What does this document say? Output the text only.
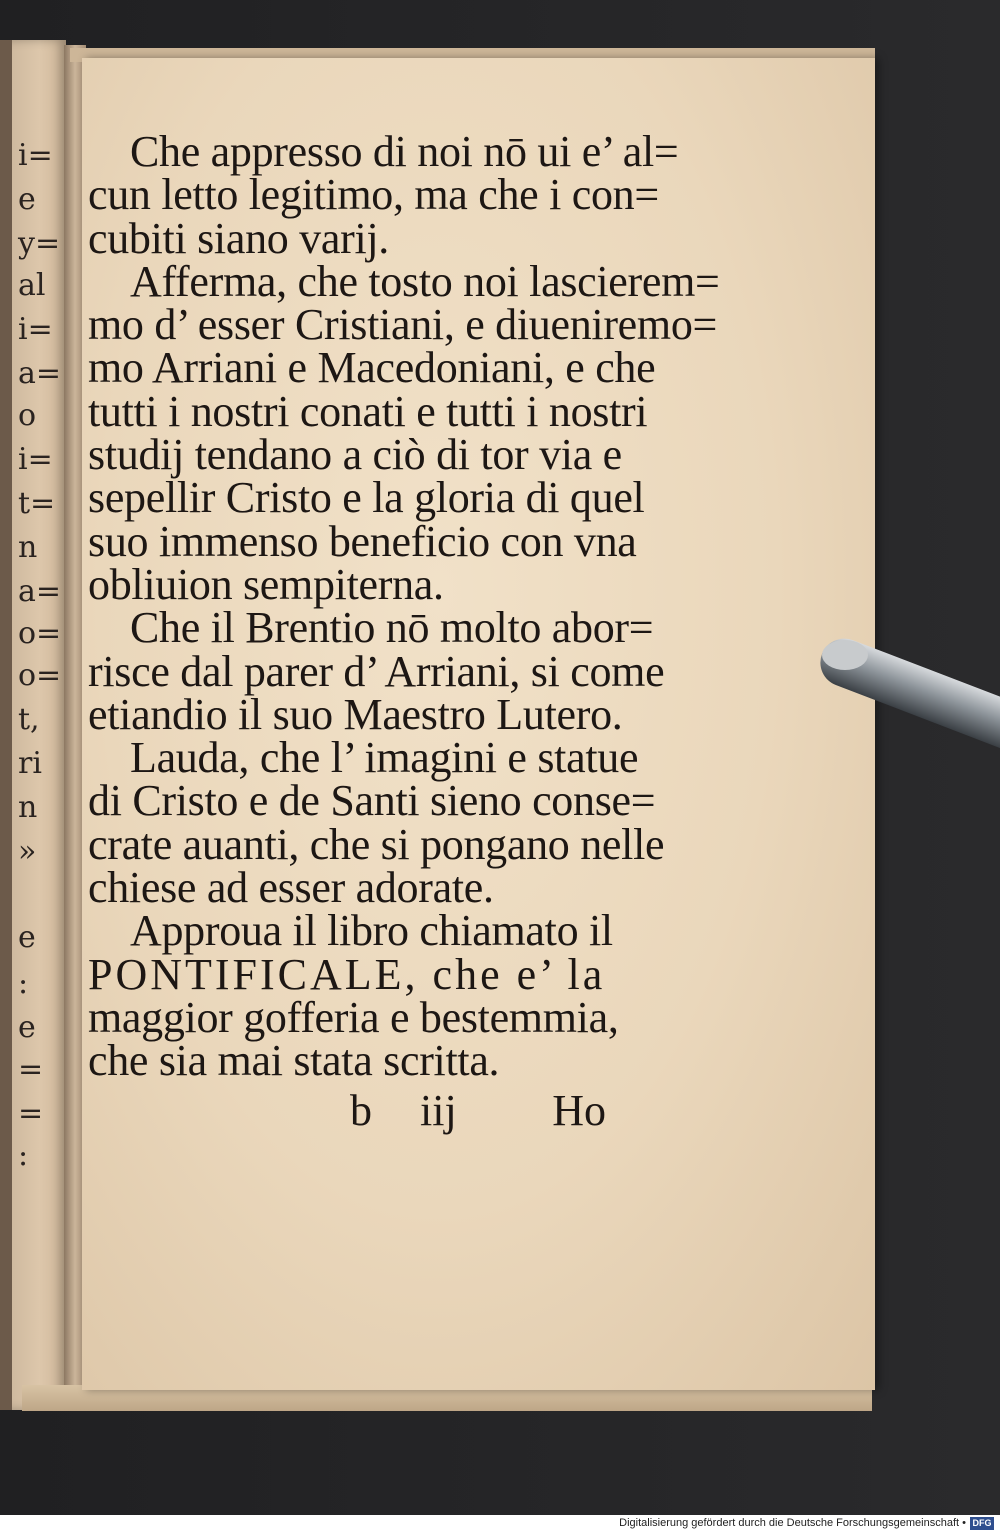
i=
e
y=
al
i=
a=
o
i=
t=
n
a=
o=
o=
t,
ri
n
»
e
:
e
=
=
:
Che appresso di noi nō ui e’ al=
cun letto legitimo, ma che i con=
cubiti siano varij.
Afferma, che tosto noi lascierem=
mo d’ esser Cristiani, e diueniremo=
mo Arriani e Macedoniani, e che
tutti i nostri conati e tutti i nostri
studij tendano a ciò di tor via e
sepellir Cristo e la gloria di quel
suo immenso beneficio con vna
obliuion sempiterna.
Che il Brentio nō molto abor=
risce dal parer d’ Arriani, si come
etiandio il suo Maestro Lutero.
Lauda, che l’ imagini e statue
di Cristo e de Santi sieno conse=
crate auanti, che si pongano nelle
chiese ad esser adorate.
Approua il libro chiamato il
PONTIFICALE, che e’ la
maggior gofferia e bestemmia,
che sia mai stata scritta.
b iij Ho
Digitalisierung gefördert durch die Deutsche Forschungsgemeinschaft • DFG
